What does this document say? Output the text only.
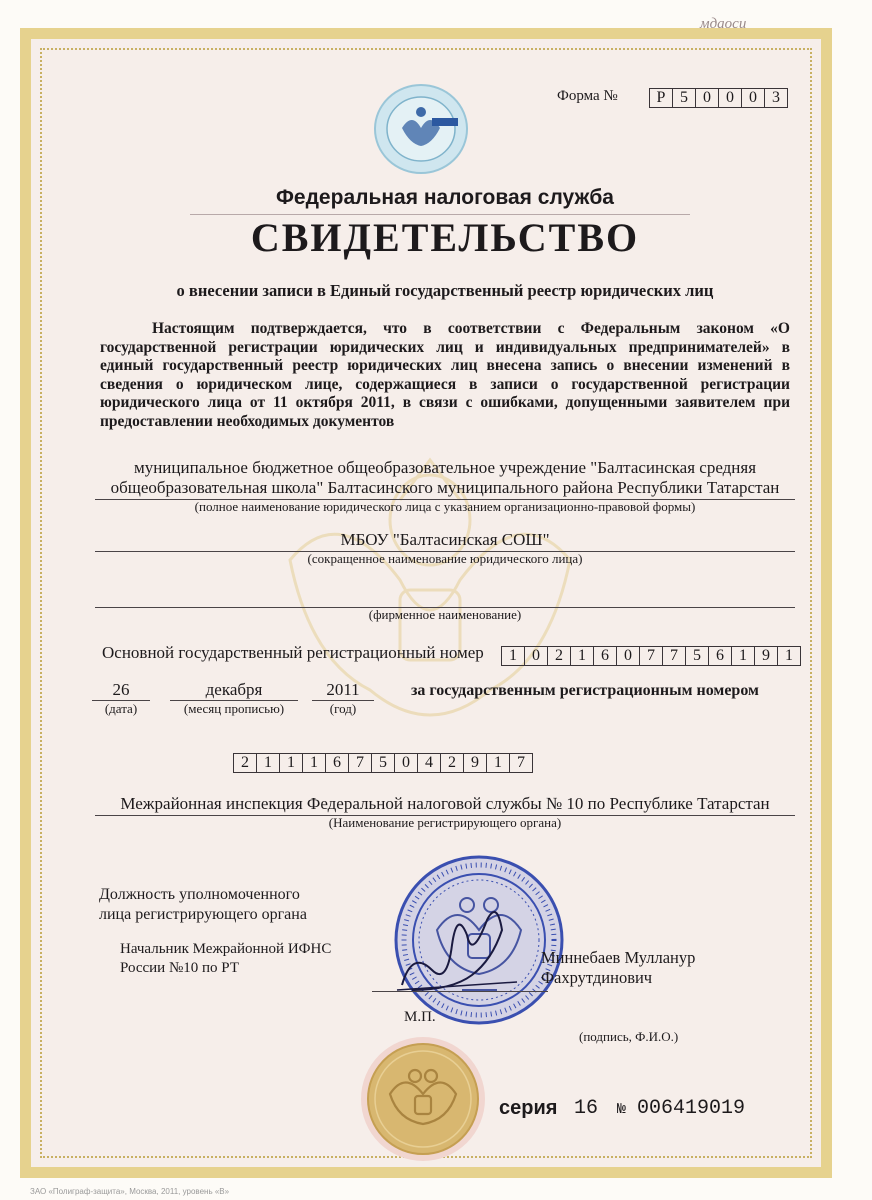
мдаоси
Форма №	Р 5 0 0 0 3
Федеральная налоговая служба
СВИДЕТЕЛЬСТВО
о внесении записи в Единый государственный реестр юридических лиц
Настоящим подтверждается, что в соответствии с Федеральным законом «О государственной регистрации юридических лиц и индивидуальных предпринимателей» в единый государственный реестр юридических лиц внесена запись о внесении изменений в сведения о юридическом лице, содержащиеся в записи о государственной регистрации юридического лица от 11 октября 2011, в связи с ошибками, допущенными заявителем при предоставлении необходимых документов
муниципальное бюджетное общеобразовательное учреждение "Балтасинская средняя
общеобразовательная школа" Балтасинского муниципального района Республики Татарстан
(полное наименование юридического лица с указанием организационно-правовой формы)
МБОУ "Балтасинская СОШ"
(сокращенное наименование юридического лица)
(фирменное наименование)
Основной государственный регистрационный номер	1 0 2 1 6 0 7 7 5 6 1 9 1
26
(дата)
декабря
(месяц прописью)
2011
(год)
за государственным регистрационным номером
2 1 1 1 6 7 5 0 4 2 9 1 7
Межрайонная инспекция Федеральной налоговой службы № 10 по Республике Татарстан
(Наименование регистрирующего органа)
Должность уполномоченного
лица регистрирующего органа
Начальник Межрайонной ИФНС
России №10 по РТ
Миннебаев Мулланур
Фахрутдинович
М.П.
(подпись, Ф.И.О.)
серия 16 № 006419019
ЗАО «Полиграф-защита», Москва, 2011, уровень «В»
